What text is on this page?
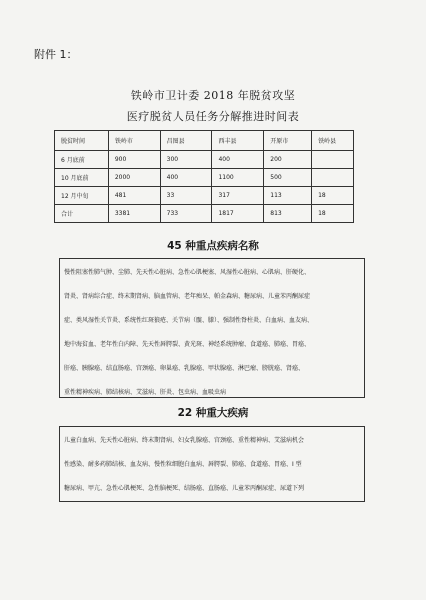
附件 1：
铁岭市卫计委 2018 年脱贫攻坚
医疗脱贫人员任务分解推进时间表
脱贫时间	铁岭市	昌图县	西丰县	开原市	铁岭县
6 月底前	900	300	400	200	
10 月底前	2000	400	1100	500	
12 月中旬	481	33	317	113	18
合计	3381	733	1817	813	18
45 种重点疾病名称

慢性阻塞性肺气肿、尘肺、先天性心脏病、急性心肌梗塞、风湿性心脏病、心肌病、肝硬化、

肾炎、肾病综合症、终末期肾病、脑血管病、老年痴呆、帕金森病、糖尿病、儿童苯丙酮尿症

症、类风湿性关节炎、系统性红斑狼疮、关节病（髋、膝）、强制性脊柱炎、白血病、血友病、

地中海贫血、老年性白内障、先天性唇腭裂、黄光斑、神经系统肿瘤、食道癌、肺癌、胃癌、

肝癌、胰腺癌、结直肠癌、宫颈癌、卵巢癌、乳腺癌、甲状腺癌、淋巴瘤、膀胱癌、肾癌、

重性精神疾病、肺结核病、艾滋病、肝炎、包虫病、血吸虫病

22 种重大疾病

儿童白血病、先天性心脏病、终末期肾病、妇女乳腺癌、宫颈癌、重性精神病、艾滋病机会

性感染、耐多药肺结核、血友病、慢性粒细胞白血病、唇腭裂、肺癌、食道癌、胃癌、I 型

糖尿病、甲亢、急性心肌梗死、急性脑梗死、结肠癌、直肠癌、儿童苯丙酮尿症、尿道下列
